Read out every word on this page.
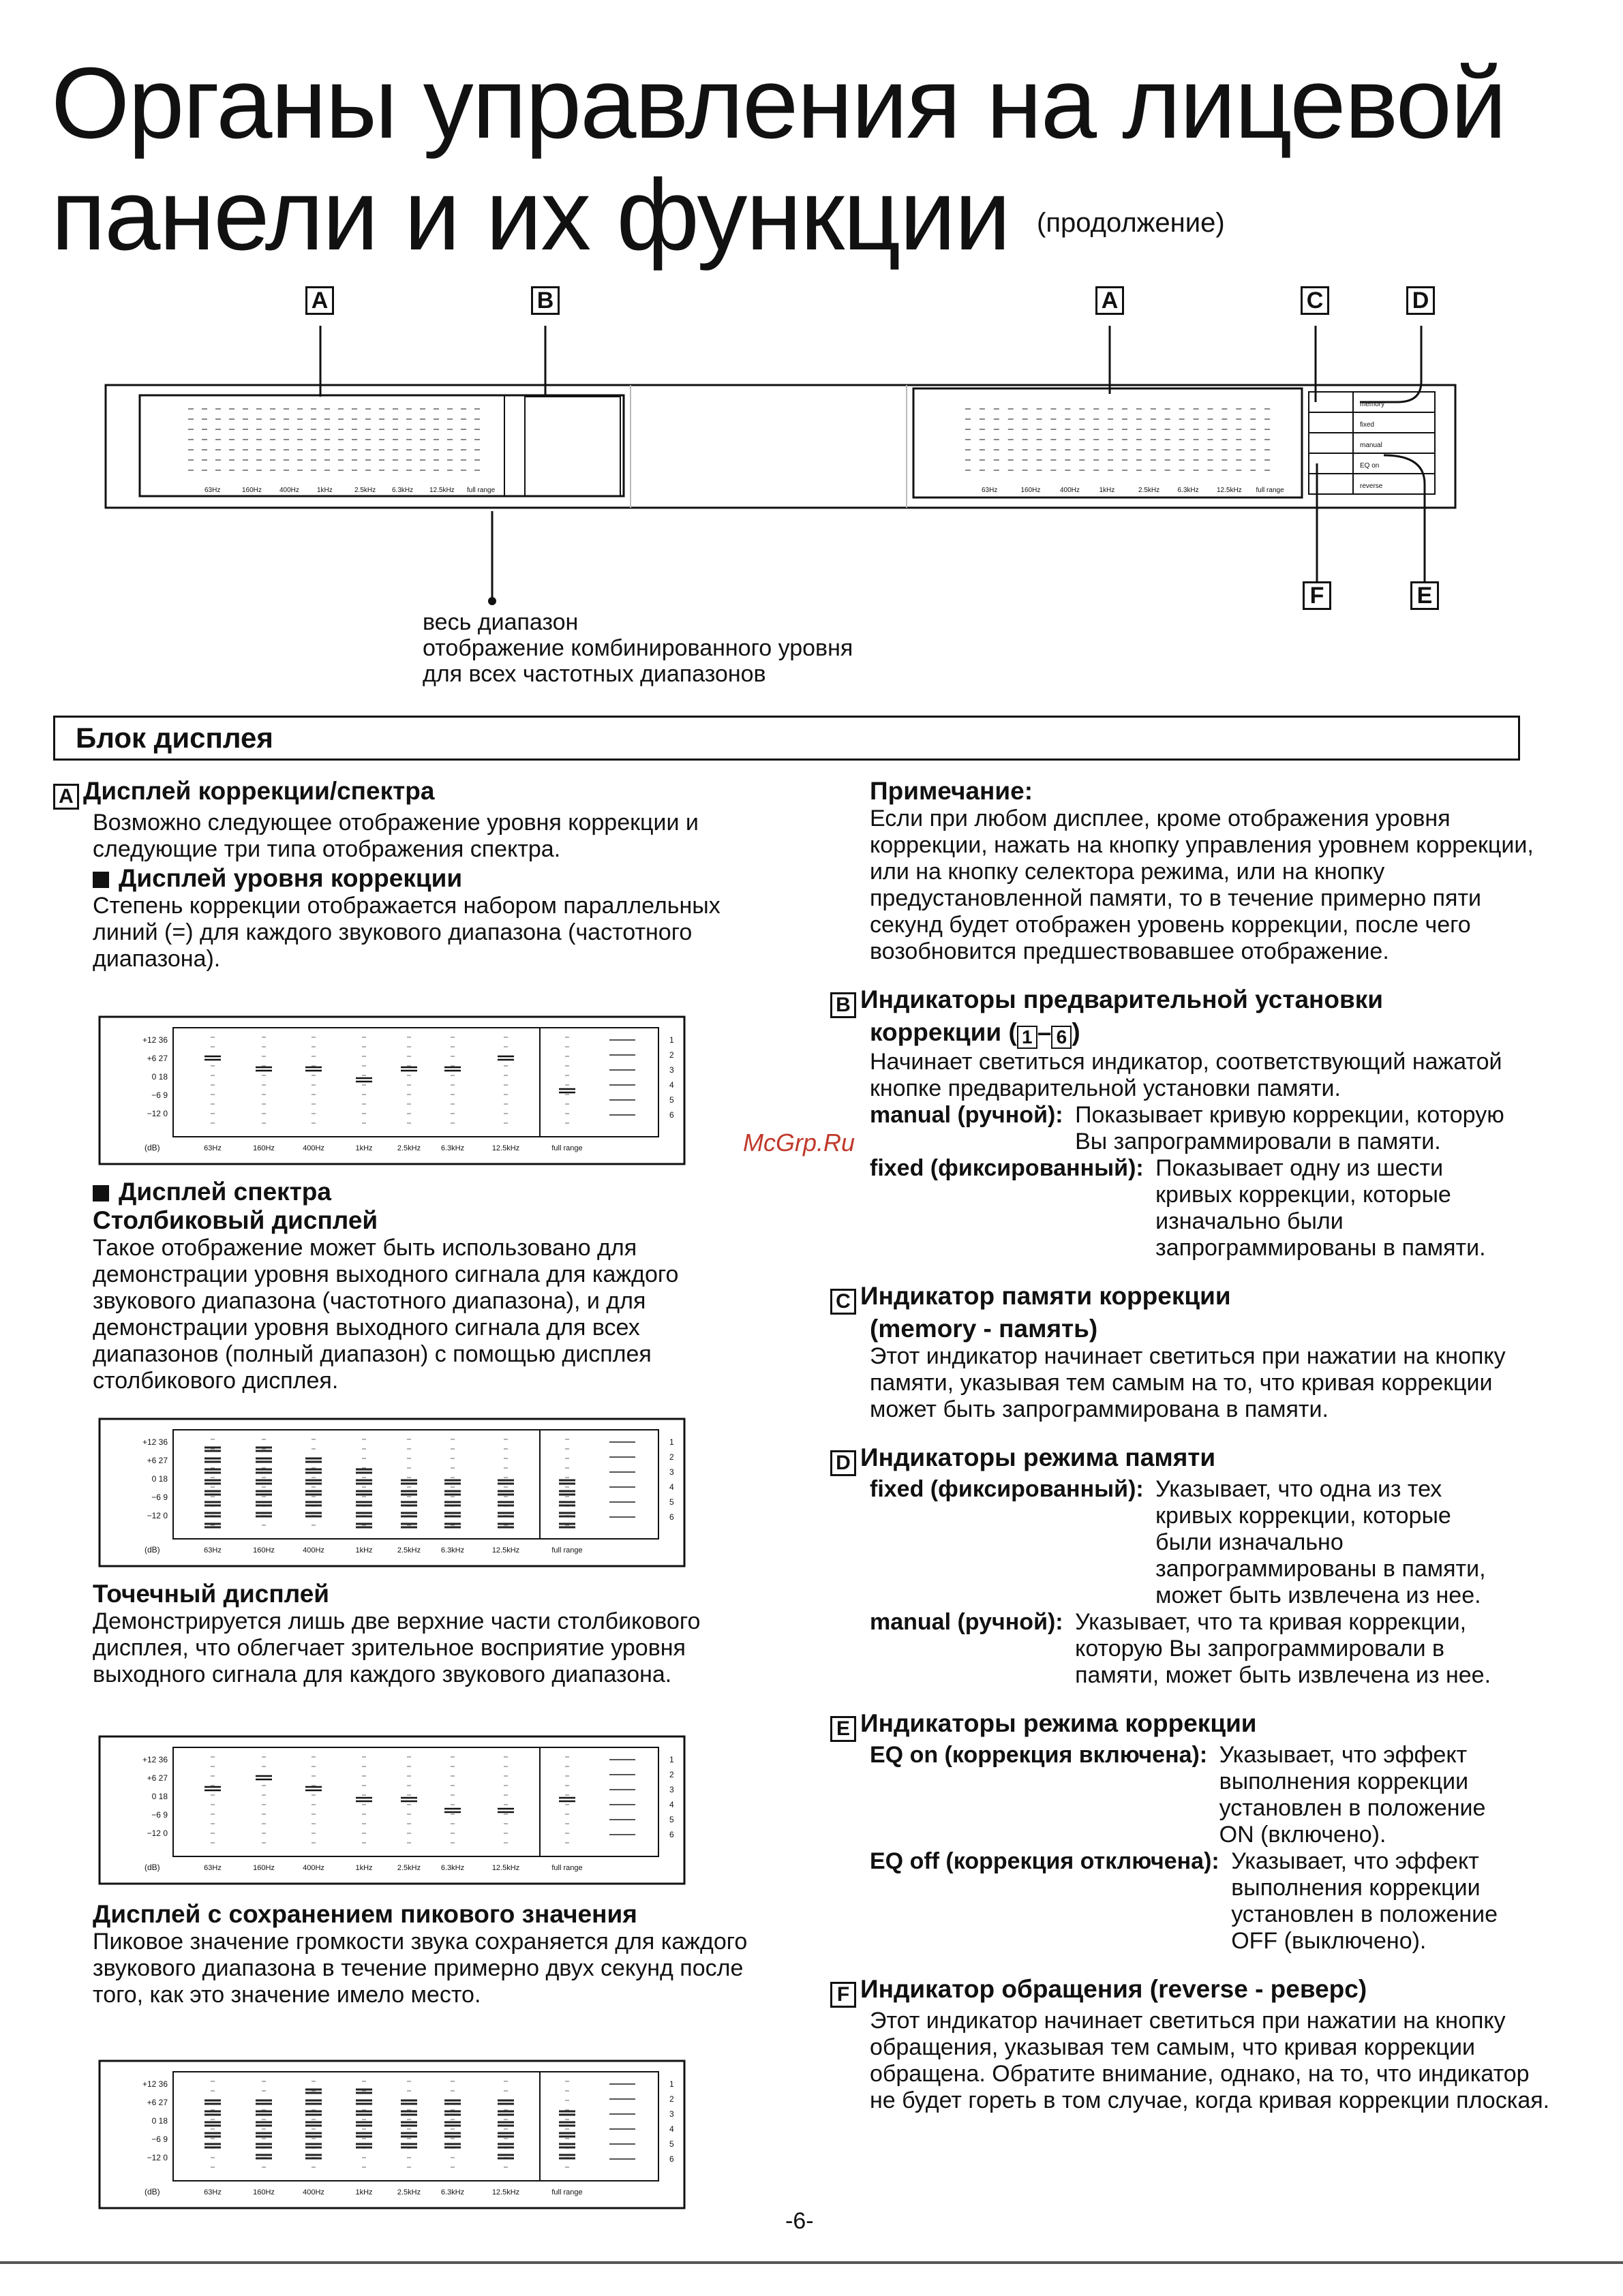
Органы управления на лицевой
панели и их функции (продолжение)
63Hz	160Hz	400Hz	1kHz	2.5kHz 6.3kHz 12.5kHz full range	63Hz	160Hz	400Hz	1kHz	2.5kHz	6.3kHz	12.5kHz full range
memory
fixed
manual
EQ on
reverse
A	B	A	C	D
F	E
весь диапазон
отображение комбинированного уровня
для всех частотных диапазонов
Блок дисплея
A Дисплей коррекции/спектра
Возможно следующее отображение уровня коррекции и следующие три типа отображения спектра.
Дисплей уровня коррекции
Степень коррекции отображается набором параллельных линий (=) для каждого звукового диапазона (частотного диапазона).
+12 36
+6 27
0 18
−6 9
−12 0
(dB)
1
2
3
4
5
6
63Hz	160Hz	400Hz	1kHz	2.5kHz	6.3kHz	12.5kHz	full range
Дисплей спектра
Столбиковый дисплей
Такое отображение может быть использовано для демонстрации уровня выходного сигнала для каждого звукового диапазона (частотного диапазона), и для демонстрации уровня выходного сигнала для всех диапазонов (полный диапазон) с помощью дисплея столбикового дисплея.
+12 36
+6 27
0 18
−6 9
−12 0
(dB)
1
2
3
4
5
6
63Hz	160Hz	400Hz	1kHz	2.5kHz	6.3kHz	12.5kHz	full range
Точечный дисплей
Демонстрируется лишь две верхние части столбикового дисплея, что облегчает зрительное восприятие уровня выходного сигнала для каждого звукового диапазона.
+12 36
+6 27
0 18
−6 9
−12 0
(dB)
1
2
3
4
5
6
63Hz	160Hz	400Hz	1kHz	2.5kHz	6.3kHz	12.5kHz	full range
Дисплей с сохранением пикового значения
Пиковое значение громкости звука сохраняется для каждого звукового диапазона в течение примерно двух секунд после того, как это значение имело место.
+12 36
+6 27
0 18
−6 9
−12 0
(dB)
1
2
3
4
5
6
63Hz	160Hz	400Hz	1kHz	2.5kHz	6.3kHz	12.5kHz	full range
Примечание:
Если при любом дисплее, кроме отображения уровня коррекции, нажать на кнопку управления уровнем коррекции, или на кнопку селектора режима, или на кнопку предустановленной памяти, то в течение примерно пяти секунд будет отображен уровень коррекции, после чего возобновится предшествовавшее отображение.
B Индикаторы предварительной установки
коррекции ( 1 – 6 )
Начинает светиться индикатор, соответствующий нажатой кнопке предварительной установки памяти.
manual (ручной): Показывает кривую коррекции, которую Вы запрограммировали в памяти.
fixed (фиксированный): Показывает одну из шести кривых коррекции, которые изначально были запрограммированы в памяти.
C Индикатор памяти коррекции
(memory - память)
Этот индикатор начинает светиться при нажатии на кнопку памяти, указывая тем самым на то, что кривая коррекции может быть запрограммирована в памяти.
D Индикаторы режима памяти
fixed (фиксированный): Указывает, что одна из тех кривых коррекции, которые были изначально запрограммированы в памяти, может быть извлечена из нее.
manual (ручной): Указывает, что та кривая коррекции, которую Вы запрограммировали в памяти, может быть извлечена из нее.
E Индикаторы режима коррекции
EQ on (коррекция включена): Указывает, что эффект выполнения коррекции установлен в положение ON (включено).
EQ off (коррекция отключена): Указывает, что эффект выполнения коррекции установлен в положение OFF (выключено).
F Индикатор обращения (reverse - реверс)
Этот индикатор начинает светиться при нажатии на кнопку обращения, указывая тем самым, что кривая коррекции обращена. Обратите внимание, однако, на то, что индикатор не будет гореть в том случае, когда кривая коррекции плоская.
McGrp.Ru
-6-
